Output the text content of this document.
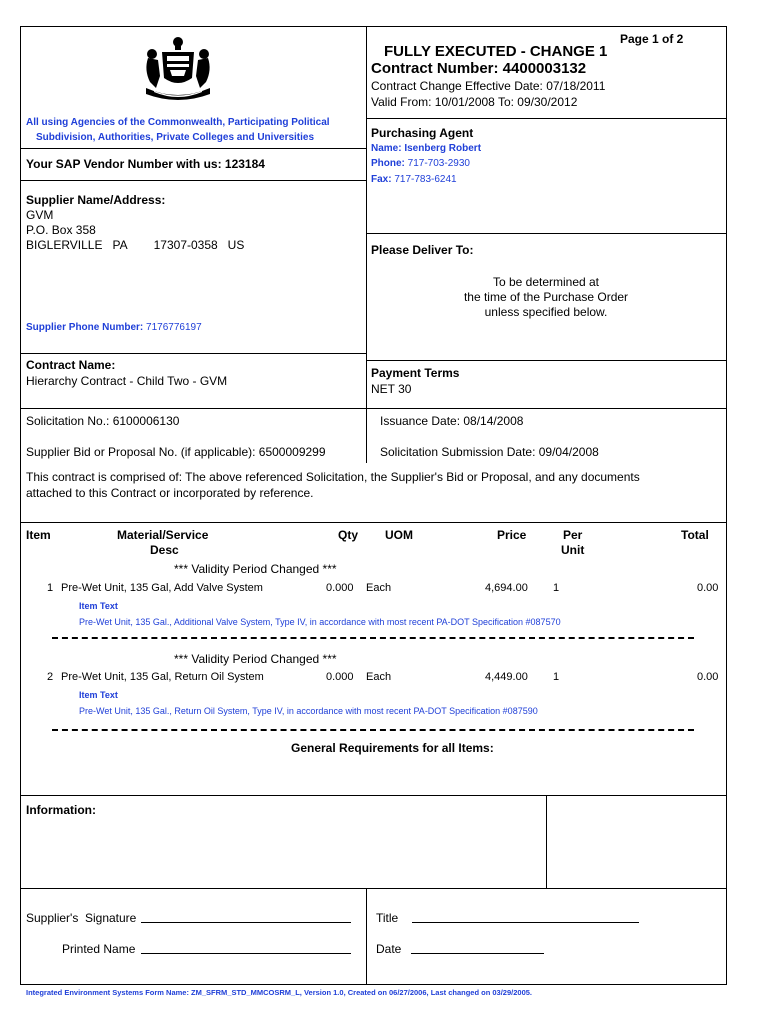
Page 1 of 2
FULLY EXECUTED - CHANGE 1
Contract Number: 4400003132
Contract Change Effective Date: 07/18/2011
Valid From: 10/01/2008 To: 09/30/2012
All using Agencies of the Commonwealth, Participating Political
Subdivision, Authorities, Private Colleges and Universities
Your SAP Vendor Number with us: 123184
Purchasing Agent
Name: Isenberg Robert
Phone: 717-703-2930
Fax: 717-783-6241
Supplier Name/Address:
GVM
P.O. Box 358
BIGLERVILLE   PA        17307-0358   US
Supplier Phone Number: 7176776197
Please Deliver To:
To be determined at
the time of the Purchase Order
unless specified below.
Contract Name:
Hierarchy Contract - Child Two - GVM
Payment Terms
NET 30
Solicitation No.: 6100006130	Issuance Date: 08/14/2008
Supplier Bid or Proposal No. (if applicable): 6500009299	Solicitation Submission Date: 09/04/2008
This contract is comprised of: The above referenced Solicitation, the Supplier's Bid or Proposal, and any documents
attached to this Contract or incorporated by reference.
Item	Material/Service
Desc
Qty UOM	Price	Per
Unit
Total
*** Validity Period Changed ***
1 Pre-Wet Unit, 135 Gal, Add Valve System	0.000 Each	4,694.00 1	0.00
Item Text
Pre-Wet Unit, 135 Gal., Additional Valve System, Type IV, in accordance with most recent PA-DOT Specification #087570
*** Validity Period Changed ***
2 Pre-Wet Unit, 135 Gal, Return Oil System	0.000 Each	4,449.00 1	0.00
Item Text
Pre-Wet Unit, 135 Gal., Return Oil System, Type IV, in accordance with most recent PA-DOT Specification #087590
General Requirements for all Items:
Information:
Supplier's  Signature
Printed Name
Title
Date
Integrated Environment Systems Form Name: ZM_SFRM_STD_MMCOSRM_L, Version 1.0, Created on 06/27/2006, Last changed on 03/29/2005.
